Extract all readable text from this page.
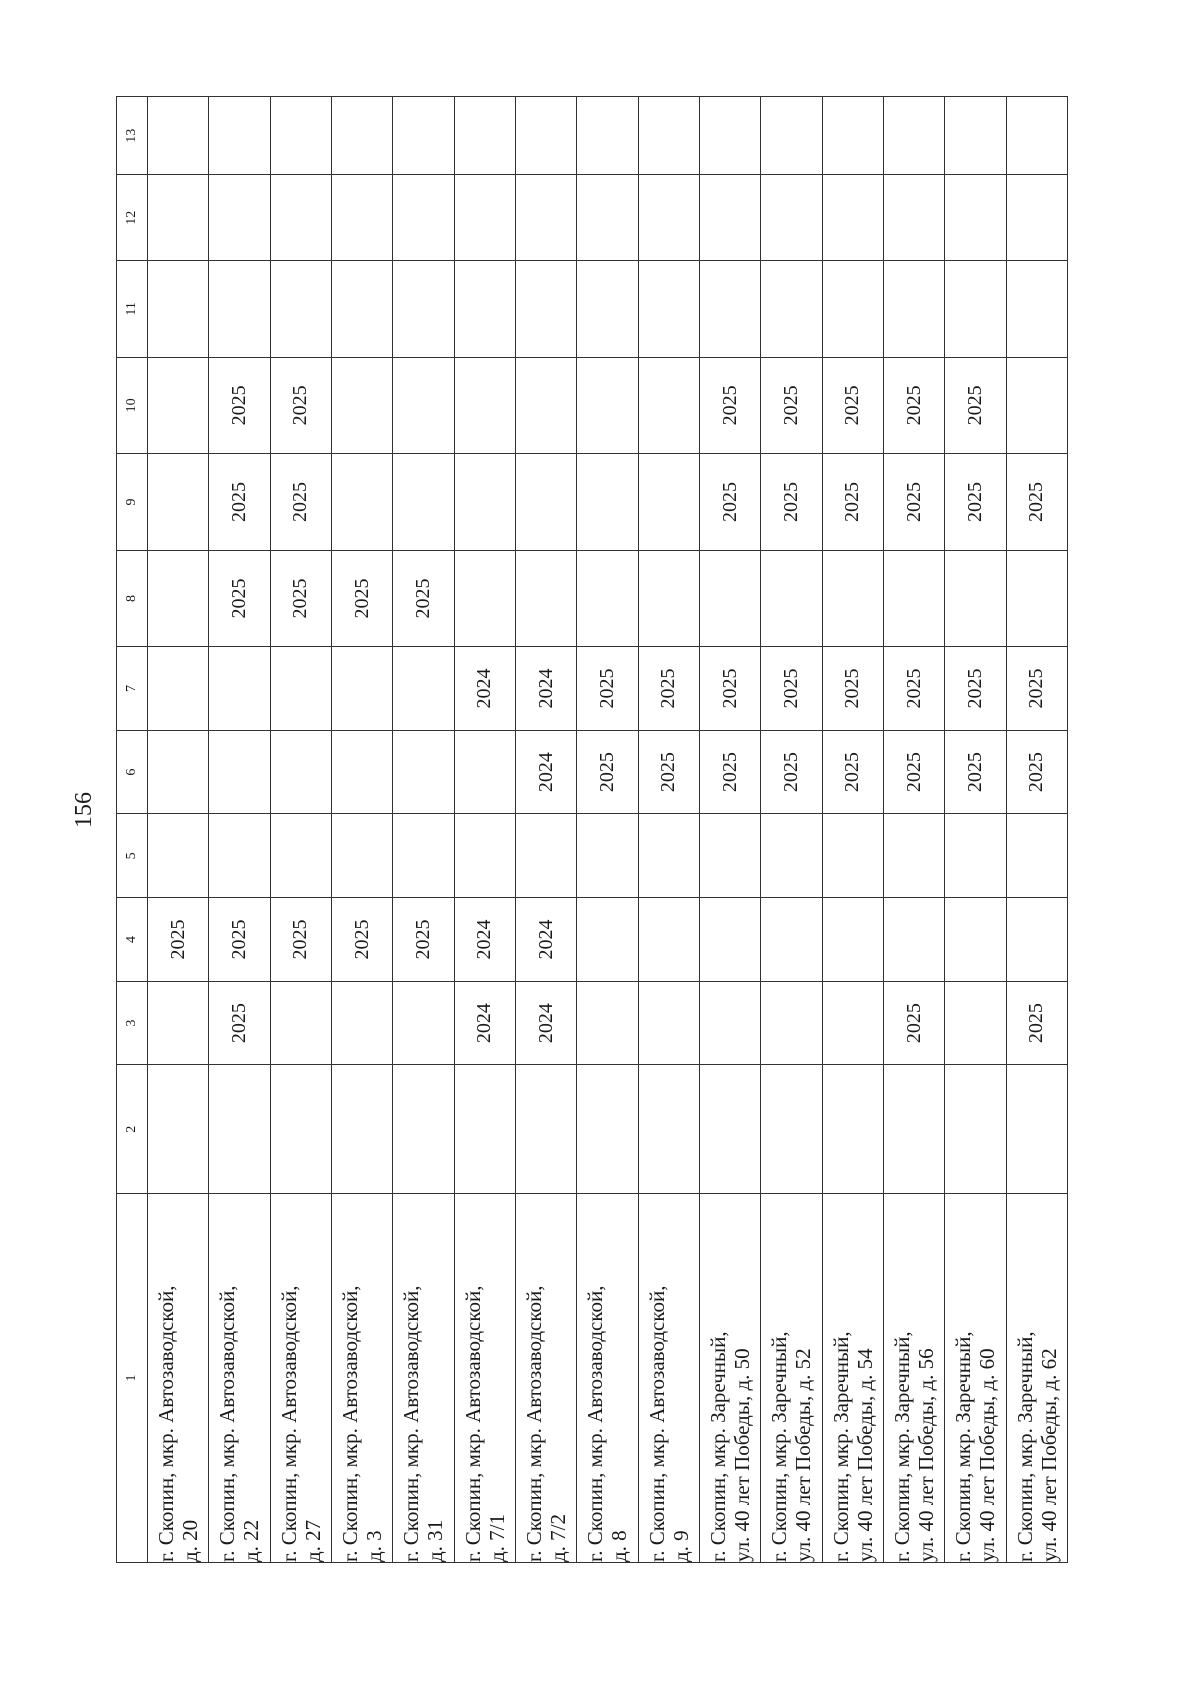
156
1	2	3	4	5	6	7	8	9	10	11	12	13

г. Скопин, мкр. Автозаводской, д. 20			2025									

г. Скопин, мкр. Автозаводской, д. 22		2025	2025				2025	2025	2025			

г. Скопин, мкр. Автозаводской, д. 27			2025				2025	2025	2025			

г. Скопин, мкр. Автозаводской, д. 3			2025				2025					

г. Скопин, мкр. Автозаводской, д. 31			2025				2025					

г. Скопин, мкр. Автозаводской, д. 7/1		2024	2024			2024						

г. Скопин, мкр. Автозаводской, д. 7/2		2024	2024		2024	2024						

г. Скопин, мкр. Автозаводской, д. 8					2025	2025						

г. Скопин, мкр. Автозаводской, д. 9					2025	2025						

г. Скопин, мкр. Заречный, ул. 40 лет Победы, д. 50					2025	2025		2025	2025			

г. Скопин, мкр. Заречный, ул. 40 лет Победы, д. 52					2025	2025		2025	2025			

г. Скопин, мкр. Заречный, ул. 40 лет Победы, д. 54					2025	2025		2025	2025			

г. Скопин, мкр. Заречный, ул. 40 лет Победы, д. 56		2025			2025	2025		2025	2025			

г. Скопин, мкр. Заречный, ул. 40 лет Победы, д. 60					2025	2025		2025	2025			

г. Скопин, мкр. Заречный, ул. 40 лет Победы, д. 62		2025			2025	2025		2025				
